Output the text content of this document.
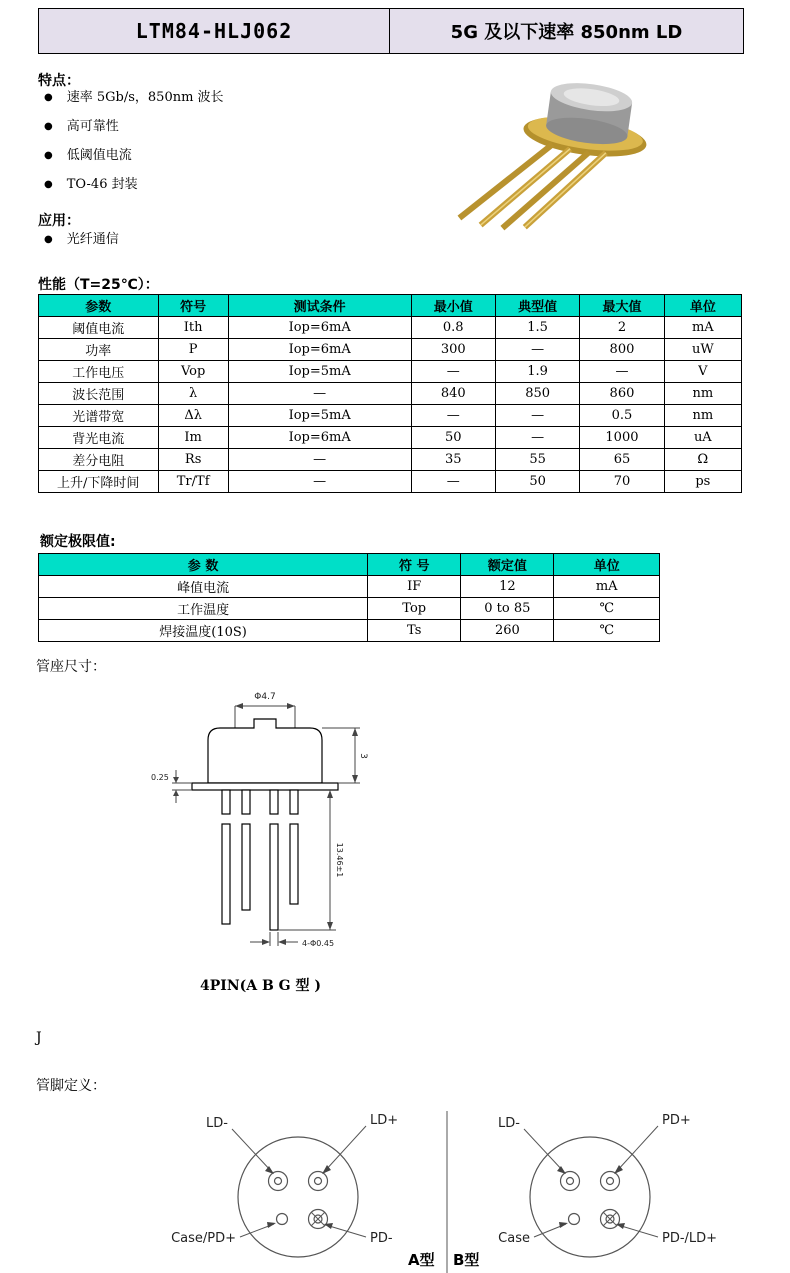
LTM84-HLJ062	5G 及以下速率 850nm LD
特点：
● 速率 5Gb/s，850nm 波长
● 高可靠性
● 低阈值电流
● TO-46 封装
应用：
● 光纤通信
性能（T=25℃）：
参数	符号	测试条件	最小值	典型值	最大值	单位
阈值电流	Ith	Iop=6mA	0.8	1.5	2	mA
功率	P	Iop=6mA	300	—	800	uW
工作电压	Vop	Iop=5mA	—	1.9	—	V
波长范围	λ	—	840	850	860	nm
光谱带宽	Δλ	Iop=5mA	—	—	0.5	nm
背光电流	Im	Iop=6mA	50	—	1000	uA
差分电阻	Rs	—	35	55	65	Ω
上升/下降时间	Tr/Tf	—	—	50	70	ps
额定极限值:
参 数	符 号	额定值	单位
峰值电流	IF	12	mA
工作温度	Top	0 to 85	℃
焊接温度(10S)	Ts	260	℃
管座尺寸：
Φ4.7
3
0.25
13.46±1
4-Φ0.45
4PIN(A B G 型 )
J
管脚定义：
LD-	LD+
Case/PD+	PD-
LD-	PD+
Case	PD-/LD+
A型 B型
